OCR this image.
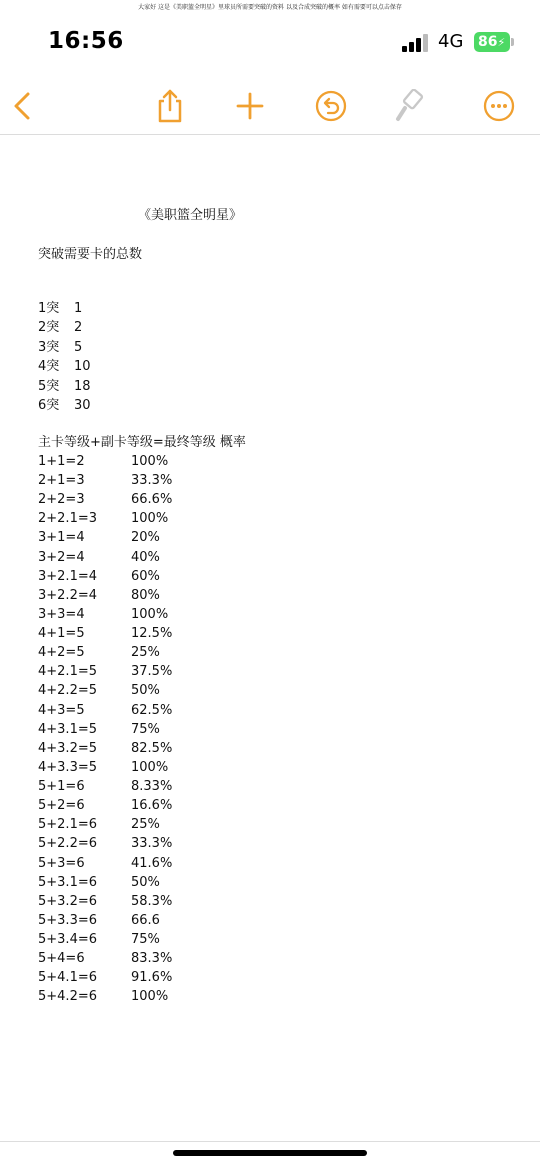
大家好 这是《美职篮全明星》里球员所需要突破的资料 以及合成突破的概率 如有需要可以点击保存
16:56	4G 86⚡
《美职篮全明星》
突破需要卡的总数
1突 1
2突 2
3突 5
4突 10
5突 18
6突 30
主卡等级+副卡等级=最终等级 概率
1+1=2	100%
2+1=3	33.3%
2+2=3	66.6%
2+2.1=3	100%
3+1=4	20%
3+2=4	40%
3+2.1=4	60%
3+2.2=4	80%
3+3=4	100%
4+1=5	12.5%
4+2=5	25%
4+2.1=5	37.5%
4+2.2=5	50%
4+3=5	62.5%
4+3.1=5	75%
4+3.2=5	82.5%
4+3.3=5	100%
5+1=6	8.33%
5+2=6	16.6%
5+2.1=6	25%
5+2.2=6	33.3%
5+3=6	41.6%
5+3.1=6	50%
5+3.2=6	58.3%
5+3.3=6	66.6
5+3.4=6	75%
5+4=6	83.3%
5+4.1=6	91.6%
5+4.2=6	100%
